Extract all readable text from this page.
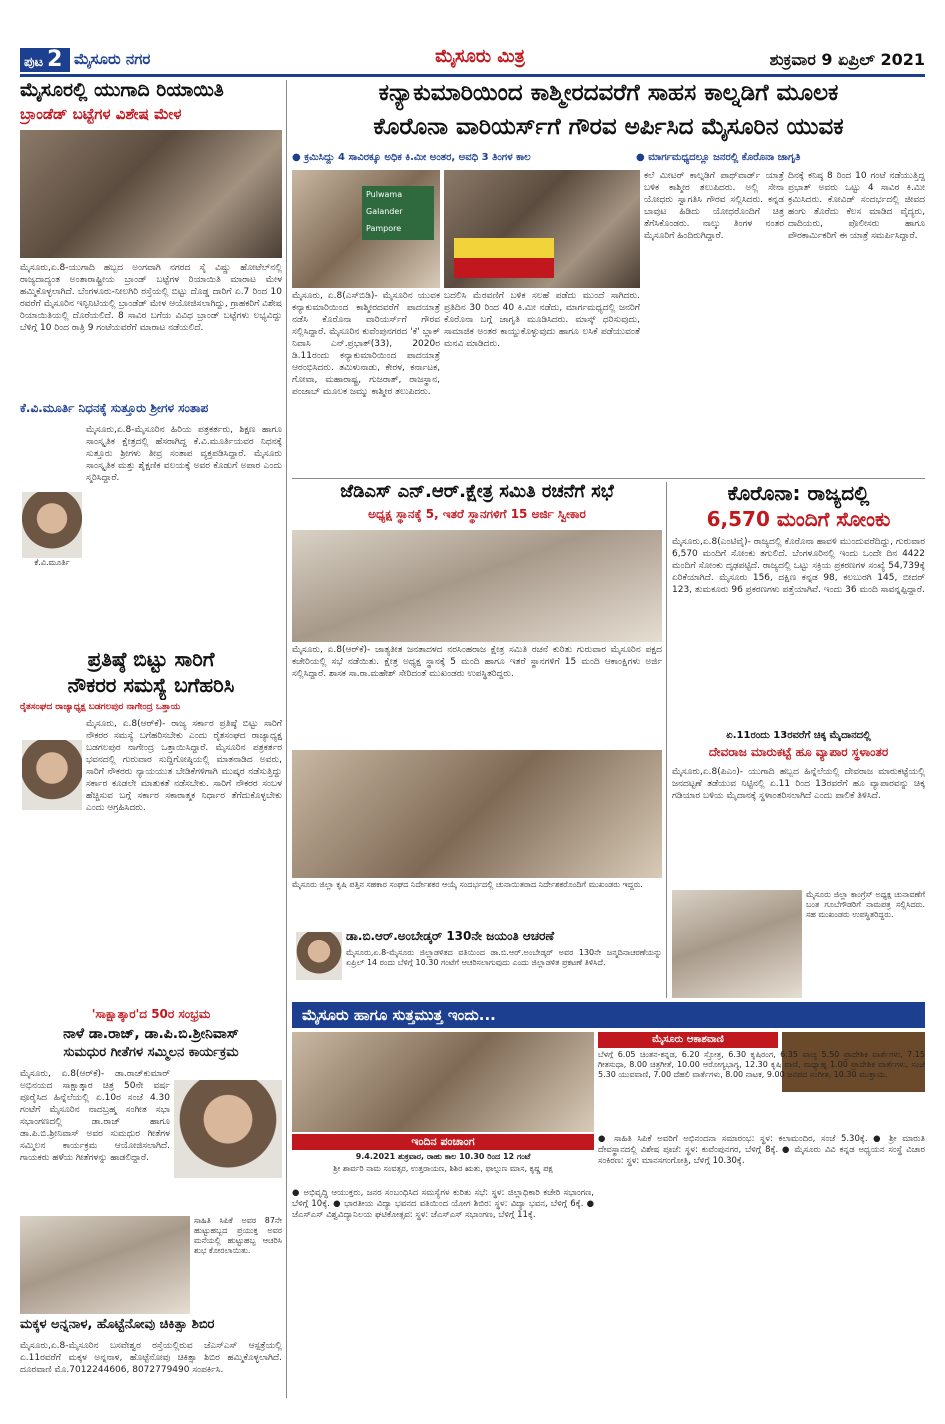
ಪುಟ 2 ಮೈಸೂರು ನಗರ	ಮೈಸೂರು ಮಿತ್ರ	ಶುಕ್ರವಾರ 9 ಏಪ್ರಿಲ್ 2021
ಮೈಸೂರಲ್ಲಿ ಯುಗಾದಿ ರಿಯಾಯಿತಿ
ಬ್ರಾಂಡೆಡ್ ಬಟ್ಟೆಗಳ ವಿಶೇಷ ಮೇಳ
ಮೈಸೂರು,ಏ.8-ಯುಗಾದಿ ಹಬ್ಬದ ಅಂಗವಾಗಿ ನಗರದ ಸೈ ವಿಷ್ಣು ಹೋಟೆಲ್‌ನಲ್ಲಿ ರಾಜ್ಯದಾದ್ಯಂತ ಅಂತಾರಾಷ್ಟ್ರೀಯ ಬ್ರಾಂಡ್ ಬಟ್ಟೆಗಳ ರಿಯಾಯಿತಿ ಮಾರಾಟ ಮೇಳ ಹಮ್ಮಿಕೊಳ್ಳಲಾಗಿದೆ. ಬೆಂಗಳೂರು-ನೀಲಗಿರಿ ರಸ್ತೆಯಲ್ಲಿ ಬಿಟ್ಟು ದೊಡ್ಡ ದಾರಿಗೆ ಏ.7 ರಿಂದ 10 ರವರೆಗೆ ಮೈಸೂರಿನ ಇನ್ಫಿನಿಟಿಯಲ್ಲಿ ಬ್ರಾಂಡೆಡ್ ಮೇಳ ಆಯೋಜಿಸಲಾಗಿದ್ದು, ಗ್ರಾಹಕರಿಗೆ ವಿಶೇಷ ರಿಯಾಯಿತಿಯಲ್ಲಿ ದೊರೆಯಲಿದೆ. 8 ಸಾವಿರ ಬಗೆಯ ವಿವಿಧ ಬ್ರಾಂಡ್ ಬಟ್ಟೆಗಳು ಲಭ್ಯವಿದ್ದು ಬೆಳಿಗ್ಗೆ 10 ರಿಂದ ರಾತ್ರಿ 9 ಗಂಟೆಯವರೆಗೆ ಮಾರಾಟ ನಡೆಯಲಿದೆ.
ಕೆ.ವಿ.ಮೂರ್ತಿ ನಿಧನಕ್ಕೆ ಸುತ್ತೂರು ಶ್ರೀಗಳ ಸಂತಾಪ
ಕೆ.ವಿ.ಮೂರ್ತಿ
ಮೈಸೂರು,ಏ.8-ಮೈಸೂರಿನ ಹಿರಿಯ ಪತ್ರಕರ್ತರು, ಶಿಕ್ಷಣ ಹಾಗೂ ಸಾಂಸ್ಕೃತಿಕ ಕ್ಷೇತ್ರದಲ್ಲಿ ಹೆಸರಾಗಿದ್ದ ಕೆ.ವಿ.ಮೂರ್ತಿಯವರ ನಿಧನಕ್ಕೆ ಸುತ್ತೂರು ಶ್ರೀಗಳು ತೀವ್ರ ಸಂತಾಪ ವ್ಯಕ್ತಪಡಿಸಿದ್ದಾರೆ. ಮೈಸೂರು ಸಾಂಸ್ಕೃತಿಕ ಮತ್ತು ಶೈಕ್ಷಣಿಕ ವಲಯಕ್ಕೆ ಅವರ ಕೊಡುಗೆ ಅಪಾರ ಎಂದು ಸ್ಮರಿಸಿದ್ದಾರೆ.
ಪ್ರತಿಷ್ಠೆ ಬಿಟ್ಟು ಸಾರಿಗೆ
ನೌಕರರ ಸಮಸ್ಯೆ ಬಗೆಹರಿಸಿ
ರೈತಸಂಘದ ರಾಜ್ಯಾಧ್ಯಕ್ಷ ಬಡಗಲಪುರ ನಾಗೇಂದ್ರ ಒತ್ತಾಯ
ಮೈಸೂರು, ಏ.8(ಆರ್‌ಕೆ)- ರಾಜ್ಯ ಸರ್ಕಾರ ಪ್ರತಿಷ್ಠೆ ಬಿಟ್ಟು ಸಾರಿಗೆ ನೌಕರರ ಸಮಸ್ಯೆ ಬಗೆಹರಿಸಬೇಕು ಎಂದು ರೈತಸಂಘದ ರಾಜ್ಯಾಧ್ಯಕ್ಷ ಬಡಗಲಪುರ ನಾಗೇಂದ್ರ ಒತ್ತಾಯಿಸಿದ್ದಾರೆ. ಮೈಸೂರಿನ ಪತ್ರಕರ್ತರ ಭವನದಲ್ಲಿ ಗುರುವಾರ ಸುದ್ದಿಗೋಷ್ಠಿಯಲ್ಲಿ ಮಾತನಾಡಿದ ಅವರು, ಸಾರಿಗೆ ನೌಕರರು ನ್ಯಾಯಯುತ ಬೇಡಿಕೆಗಳಿಗಾಗಿ ಮುಷ್ಕರ ನಡೆಸುತ್ತಿದ್ದು ಸರ್ಕಾರ ಕೂಡಲೇ ಮಾತುಕತೆ ನಡೆಸಬೇಕು. ಸಾರಿಗೆ ನೌಕರರ ಸಂಬಳ ಹೆಚ್ಚಿಸುವ ಬಗ್ಗೆ ಸರ್ಕಾರ ಸಕಾರಾತ್ಮಕ ನಿರ್ಧಾರ ತೆಗೆದುಕೊಳ್ಳಬೇಕು ಎಂದು ಆಗ್ರಹಿಸಿದರು.
'ಸಾಕ್ಷಾತ್ಕಾರ'ದ 50ರ ಸಂಭ್ರಮ
ನಾಳೆ ಡಾ.ರಾಜ್, ಡಾ.ಪಿ.ಬಿ.ಶ್ರೀನಿವಾಸ್
ಸುಮಧುರ ಗೀತೆಗಳ ಸಮ್ಮಿಲನ ಕಾರ್ಯಕ್ರಮ
ಮೈಸೂರು, ಏ.8(ಆರ್‌ಕೆ)- ಡಾ.ರಾಜ್‌ಕುಮಾರ್ ಅಭಿನಯದ ಸಾಕ್ಷಾತ್ಕಾರ ಚಿತ್ರ 50ನೇ ವರ್ಷ ಪೂರೈಸಿದ ಹಿನ್ನೆಲೆಯಲ್ಲಿ ಏ.10ರ ಸಂಜೆ 4.30 ಗಂಟೆಗೆ ಮೈಸೂರಿನ ನಾದಬ್ರಹ್ಮ ಸಂಗೀತ ಸಭಾ ಸಭಾಂಗಣದಲ್ಲಿ ಡಾ.ರಾಜ್ ಹಾಗೂ ಡಾ.ಪಿ.ಬಿ.ಶ್ರೀನಿವಾಸ್ ಅವರ ಸುಮಧುರ ಗೀತೆಗಳ ಸಮ್ಮಿಲನ ಕಾರ್ಯಕ್ರಮ ಆಯೋಜಿಸಲಾಗಿದೆ. ಗಾಯಕರು ಹಳೆಯ ಗೀತೆಗಳನ್ನು ಹಾಡಲಿದ್ದಾರೆ.
ಸಾಹಿತಿ ಸಿಪಿಕೆ ಅವರ 87ನೇ ಹುಟ್ಟುಹಬ್ಬದ ಪ್ರಯುಕ್ತ ಅವರ ಮನೆಯಲ್ಲಿ ಹುಟ್ಟುಹಬ್ಬ ಆಚರಿಸಿ ಶುಭ ಕೋರಲಾಯಿತು.
ಮಕ್ಕಳ ಅನ್ನನಾಳ, ಹೊಟ್ಟೆನೋವು ಚಿಕಿತ್ಸಾ ಶಿಬಿರ
ಮೈಸೂರು,ಏ.8-ಮೈಸೂರಿನ ಬಸವೇಶ್ವರ ರಸ್ತೆಯಲ್ಲಿರುವ ಜೆಎಸ್‌ಎಸ್ ಆಸ್ಪತ್ರೆಯಲ್ಲಿ ಏ.11ರವರೆಗೆ ಮಕ್ಕಳ ಅನ್ನನಾಳ, ಹೊಟ್ಟೆನೋವು ಚಿಕಿತ್ಸಾ ಶಿಬಿರ ಹಮ್ಮಿಕೊಳ್ಳಲಾಗಿದೆ. ದೂರವಾಣಿ ಮೊ.7012244606, 8072779490 ಸಂಪರ್ಕಿಸಿ.
ಕನ್ಯಾಕುಮಾರಿಯಿಂದ ಕಾಶ್ಮೀರದವರೆಗೆ ಸಾಹಸ ಕಾಲ್ನಡಿಗೆ ಮೂಲಕ
ಕೊರೊನಾ ವಾರಿಯರ್ಸ್‌ಗೆ ಗೌರವ ಅರ್ಪಿಸಿದ ಮೈಸೂರಿನ ಯುವಕ
● ಕ್ರಮಿಸಿದ್ದು 4 ಸಾವಿರಕ್ಕೂ ಅಧಿಕ ಕಿ.ಮೀ ಅಂತರ, ಅವಧಿ 3 ತಿಂಗಳ ಕಾಲ	● ಮಾರ್ಗಮಧ್ಯದಲ್ಲೂ ಜನರಲ್ಲಿ ಕೊರೊನಾ ಜಾಗೃತಿ
Pulwama
Galander
Pampore
ಮೈಸೂರು, ಏ.8(ಎಸ್‌ಬಿಡಿ)- ಮೈಸೂರಿನ ಯುವಕ ಕನ್ಯಾಕುಮಾರಿಯಿಂದ ಕಾಶ್ಮೀರದವರೆಗೆ ಪಾದಯಾತ್ರೆ ನಡೆಸಿ ಕೊರೊನಾ ವಾರಿಯರ್ಸ್‌ಗೆ ಗೌರವ ಸಲ್ಲಿಸಿದ್ದಾರೆ. ಮೈಸೂರಿನ ಕುವೆಂಪುನಗರದ 'ಕೆ' ಬ್ಲಾಕ್ ನಿವಾಸಿ ಎನ್.ಪ್ರಭಾತ್(33), 2020ರ ಡಿ.11ರಂದು ಕನ್ಯಾಕುಮಾರಿಯಿಂದ ಪಾದಯಾತ್ರೆ ಆರಂಭಿಸಿದರು. ತಮಿಳುನಾಡು, ಕೇರಳ, ಕರ್ನಾಟಕ, ಗೋವಾ, ಮಹಾರಾಷ್ಟ್ರ, ಗುಜರಾತ್, ರಾಜಸ್ಥಾನ, ಪಂಜಾಬ್ ಮೂಲಕ ಜಮ್ಮು ಕಾಶ್ಮೀರ ತಲುಪಿದರು.
ಬದಲಿಸಿ ಮೆರವಣಿಗೆ ಬಳಿಕ ಸಲಹೆ ಪಡೆದು ಮುಂದೆ ಸಾಗಿದರು. ಪ್ರತಿದಿನ 30 ರಿಂದ 40 ಕಿ.ಮೀ ನಡೆದು, ಮಾರ್ಗಮಧ್ಯದಲ್ಲಿ ಜನರಿಗೆ ಕೊರೊನಾ ಬಗ್ಗೆ ಜಾಗೃತಿ ಮೂಡಿಸಿದರು. ಮಾಸ್ಕ್ ಧರಿಸುವುದು, ಸಾಮಾಜಿಕ ಅಂತರ ಕಾಯ್ದುಕೊಳ್ಳುವುದು ಹಾಗೂ ಲಸಿಕೆ ಪಡೆಯುವಂತೆ ಮನವಿ ಮಾಡಿದರು.
ಕಲೆ ಮೀಟರ್ ಕಾಲ್ನಡಿಗೆ ಪಾಥ್‌ವಾರ್ಡ್ ಯಾತ್ರೆ ಬಳಿಕ ಕಾಶ್ಮೀರ ತಲುಪಿದರು. ಅಲ್ಲಿ ಸೇನಾ ಯೋಧರು ಸ್ವಾಗತಿಸಿ ಗೌರವ ಸಲ್ಲಿಸಿದರು. ಕನ್ನಡ ಬಾವುಟ ಹಿಡಿದು ಯೋಧರೊಂದಿಗೆ ಚಿತ್ರ ತೆಗೆಸಿಕೊಂಡರು. ನಾಲ್ಕು ತಿಂಗಳ ನಂತರ ಮೈಸೂರಿಗೆ ಹಿಂದಿರುಗಿದ್ದಾರೆ.
ದಿನಕ್ಕೆ ಕನಿಷ್ಠ 8 ರಿಂದ 10 ಗಂಟೆ ನಡೆಯುತ್ತಿದ್ದ ಪ್ರಭಾತ್ ಅವರು ಒಟ್ಟು 4 ಸಾವಿರ ಕಿ.ಮೀ ಕ್ರಮಿಸಿದರು. ಕೋವಿಡ್ ಸಂದರ್ಭದಲ್ಲಿ ಜೀವದ ಹಂಗು ತೊರೆದು ಕೆಲಸ ಮಾಡಿದ ವೈದ್ಯರು, ದಾದಿಯರು, ಪೊಲೀಸರು ಹಾಗೂ ಪೌರಕಾರ್ಮಿಕರಿಗೆ ಈ ಯಾತ್ರೆ ಸಮರ್ಪಿಸಿದ್ದಾರೆ.
ಜೆಡಿಎಸ್ ಎನ್.ಆರ್.ಕ್ಷೇತ್ರ ಸಮಿತಿ ರಚನೆಗೆ ಸಭೆ
ಅಧ್ಯಕ್ಷ ಸ್ಥಾನಕ್ಕೆ 5, ಇತರೆ ಸ್ಥಾನಗಳಿಗೆ 15 ಅರ್ಜಿ ಸ್ವೀಕಾರ
ಮೈಸೂರು, ಏ.8(ಆರ್‌ಕೆ)- ಜಾತ್ಯತೀತ ಜನತಾದಳದ ನರಸಿಂಹರಾಜ ಕ್ಷೇತ್ರ ಸಮಿತಿ ರಚನೆ ಕುರಿತು ಗುರುವಾರ ಮೈಸೂರಿನ ಪಕ್ಷದ ಕಚೇರಿಯಲ್ಲಿ ಸಭೆ ನಡೆಯಿತು. ಕ್ಷೇತ್ರ ಅಧ್ಯಕ್ಷ ಸ್ಥಾನಕ್ಕೆ 5 ಮಂದಿ ಹಾಗೂ ಇತರೆ ಸ್ಥಾನಗಳಿಗೆ 15 ಮಂದಿ ಆಕಾಂಕ್ಷಿಗಳು ಅರ್ಜಿ ಸಲ್ಲಿಸಿದ್ದಾರೆ. ಶಾಸಕ ಸಾ.ರಾ.ಮಹೇಶ್ ಸೇರಿದಂತೆ ಮುಖಂಡರು ಉಪಸ್ಥಿತರಿದ್ದರು.
ಮೈಸೂರು ಜಿಲ್ಲಾ ಕೃಷಿ ಪತ್ತಿನ ಸಹಕಾರ ಸಂಘದ ನಿರ್ದೇಶಕರ ಆಯ್ಕೆ ಸಂದರ್ಭದಲ್ಲಿ ಚುನಾಯಿತರಾದ ನಿರ್ದೇಶಕರೊಂದಿಗೆ ಮುಖಂಡರು ಇದ್ದರು.
ಡಾ.ಬಿ.ಆರ್.ಅಂಬೇಡ್ಕರ್ 130ನೇ ಜಯಂತಿ ಆಚರಣೆ
ಮೈಸೂರು,ಏ.8-ಮೈಸೂರು ಜಿಲ್ಲಾಡಳಿತದ ವತಿಯಿಂದ ಡಾ.ಬಿ.ಆರ್.ಅಂಬೇಡ್ಕರ್ ಅವರ 130ನೇ ಜನ್ಮದಿನಾಚರಣೆಯನ್ನು ಏಪ್ರಿಲ್ 14 ರಂದು ಬೆಳಿಗ್ಗೆ 10.30 ಗಂಟೆಗೆ ಆಚರಿಸಲಾಗುವುದು ಎಂದು ಜಿಲ್ಲಾಡಳಿತ ಪ್ರಕಟಣೆ ತಿಳಿಸಿದೆ.
ಕೊರೊನಾ: ರಾಜ್ಯದಲ್ಲಿ
6,570 ಮಂದಿಗೆ ಸೋಂಕು
ಮೈಸೂರು,ಏ.8(ಎಂಟಿವೈ)- ರಾಜ್ಯದಲ್ಲಿ ಕೊರೊನಾ ಹಾವಳಿ ಮುಂದುವರೆದಿದ್ದು, ಗುರುವಾರ 6,570 ಮಂದಿಗೆ ಸೋಂಕು ತಗುಲಿದೆ. ಬೆಂಗಳೂರಿನಲ್ಲಿ ಇಂದು ಒಂದೇ ದಿನ 4422 ಮಂದಿಗೆ ಸೋಂಕು ದೃಢಪಟ್ಟಿದೆ. ರಾಜ್ಯದಲ್ಲಿ ಒಟ್ಟು ಸಕ್ರಿಯ ಪ್ರಕರಣಗಳ ಸಂಖ್ಯೆ 54,739ಕ್ಕೆ ಏರಿಕೆಯಾಗಿದೆ. ಮೈಸೂರು 156, ದಕ್ಷಿಣ ಕನ್ನಡ 98, ಕಲಬುರಗಿ 145, ಬೀದರ್ 123, ತುಮಕೂರು 96 ಪ್ರಕರಣಗಳು ಪತ್ತೆಯಾಗಿವೆ. ಇಂದು 36 ಮಂದಿ ಸಾವನ್ನಪ್ಪಿದ್ದಾರೆ.
ಏ.11ರಂದು 13ರವರೆಗೆ ಚಿಕ್ಕ ಮೈದಾನದಲ್ಲಿ
ದೇವರಾಜ ಮಾರುಕಟ್ಟೆ ಹೂ ವ್ಯಾಪಾರ ಸ್ಥಳಾಂತರ
ಮೈಸೂರು,ಏ.8(ಪಿಎಂ)- ಯುಗಾದಿ ಹಬ್ಬದ ಹಿನ್ನೆಲೆಯಲ್ಲಿ ದೇವರಾಜ ಮಾರುಕಟ್ಟೆಯಲ್ಲಿ ಜನದಟ್ಟಣೆ ತಡೆಯುವ ನಿಟ್ಟಿನಲ್ಲಿ ಏ.11 ರಿಂದ 13ರವರೆಗೆ ಹೂ ವ್ಯಾಪಾರವನ್ನು ಚಿಕ್ಕ ಗಡಿಯಾರ ಬಳಿಯ ಮೈದಾನಕ್ಕೆ ಸ್ಥಳಾಂತರಿಸಲಾಗಿದೆ ಎಂದು ಪಾಲಿಕೆ ತಿಳಿಸಿದೆ.
ಮೈಸೂರು ಜಿಲ್ಲಾ ಕಾಂಗ್ರೆಸ್ ಅಧ್ಯಕ್ಷ ಚುನಾವಣೆಗೆ ಬಂತ ಗೂಬೆಗೌಡರಿಗೆ ನಾಮಪತ್ರ ಸಲ್ಲಿಸಿದರು. ಸಹ ಮುಖಂಡರು ಉಪಸ್ಥಿತರಿದ್ದರು.
ಮೈಸೂರು ಹಾಗೂ ಸುತ್ತಮುತ್ತ ಇಂದು...
ಮೈಸೂರು ಆಕಾಶವಾಣಿ
ಬೆಳಗ್ಗೆ 6.05 ಚಿಂತನ-ಕನ್ನಡ, 6.20 ಸ್ತೋತ್ರ, 6.30 ಕೃಷಿರಂಗ, 6.35 ವಾಚ್ಯ 5.50 ಪ್ರಾದೇಶಿಕ ವಾರ್ತೆಗಳು, 7.15 ಗೀತಸುಧಾ, 8.00 ಚಿತ್ರಗೀತೆ, 10.00 ಆರೋಗ್ಯಭಾಗ್ಯ, 12.30 ಕೃಷಿ ವಾಣಿ, ಮಧ್ಯಾಹ್ನ 1.00 ಪ್ರಾದೇಶಿಕ ವಾರ್ತೆಗಳು, ಸಂಜೆ 5.30 ಯುವವಾಣಿ, 7.00 ದೆಹಲಿ ವಾರ್ತೆಗಳು, 8.00 ನಾಟಕ, 9.00 ಜನಪದ ಸಂಗೀತ, 10.30 ಮುಕ್ತಾಯ.
ಇಂದಿನ ಪಂಚಾಂಗ
9.4.2021 ಶುಕ್ರವಾರ, ರಾಹು ಕಾಲ 10.30 ರಿಂದ 12 ಗಂಟೆ
ಶ್ರೀ ಶಾರ್ವರಿ ನಾಮ ಸಂವತ್ಸರ, ಉತ್ತರಾಯಣ, ಶಿಶಿರ ಋತು, ಫಾಲ್ಗುಣ ಮಾಸ, ಕೃಷ್ಣ ಪಕ್ಷ
● ಅಭಿವೃದ್ಧಿ ಆಯುಕ್ತರು, ಜನರ ಸಂಬಂಧಿಸಿದ ಸಮಸ್ಯೆಗಳ ಕುರಿತು ಸಭೆ: ಸ್ಥಳ: ಜಿಲ್ಲಾಧಿಕಾರಿ ಕಚೇರಿ ಸಭಾಂಗಣ, ಬೆಳಿಗ್ಗೆ 10ಕ್ಕೆ. ● ಭಾರತೀಯ ವಿದ್ಯಾ ಭವನದ ವತಿಯಿಂದ ಯೋಗ ಶಿಬಿರ: ಸ್ಥಳ: ವಿದ್ಯಾ ಭವನ, ಬೆಳಿಗ್ಗೆ 6ಕ್ಕೆ. ● ಜೆಎಸ್‌ಎಸ್ ವಿಶ್ವವಿದ್ಯಾನಿಲಯ ಘಟಿಕೋತ್ಸವ: ಸ್ಥಳ: ಜೆಎಸ್‌ಎಸ್ ಸಭಾಂಗಣ, ಬೆಳಿಗ್ಗೆ 11ಕ್ಕೆ.
● ಸಾಹಿತಿ ಸಿಪಿಕೆ ಅವರಿಗೆ ಅಭಿನಂದನಾ ಸಮಾರಂಭ: ಸ್ಥಳ: ಕಲಾಮಂದಿರ, ಸಂಜೆ 5.30ಕ್ಕೆ. ● ಶ್ರೀ ಮಾರುತಿ ದೇವಸ್ಥಾನದಲ್ಲಿ ವಿಶೇಷ ಪೂಜೆ: ಸ್ಥಳ: ಕುವೆಂಪುನಗರ, ಬೆಳಿಗ್ಗೆ 8ಕ್ಕೆ. ● ಮೈಸೂರು ವಿವಿ ಕನ್ನಡ ಅಧ್ಯಯನ ಸಂಸ್ಥೆ ವಿಚಾರ ಸಂಕಿರಣ: ಸ್ಥಳ: ಮಾನಸಗಂಗೋತ್ರಿ, ಬೆಳಿಗ್ಗೆ 10.30ಕ್ಕೆ.
